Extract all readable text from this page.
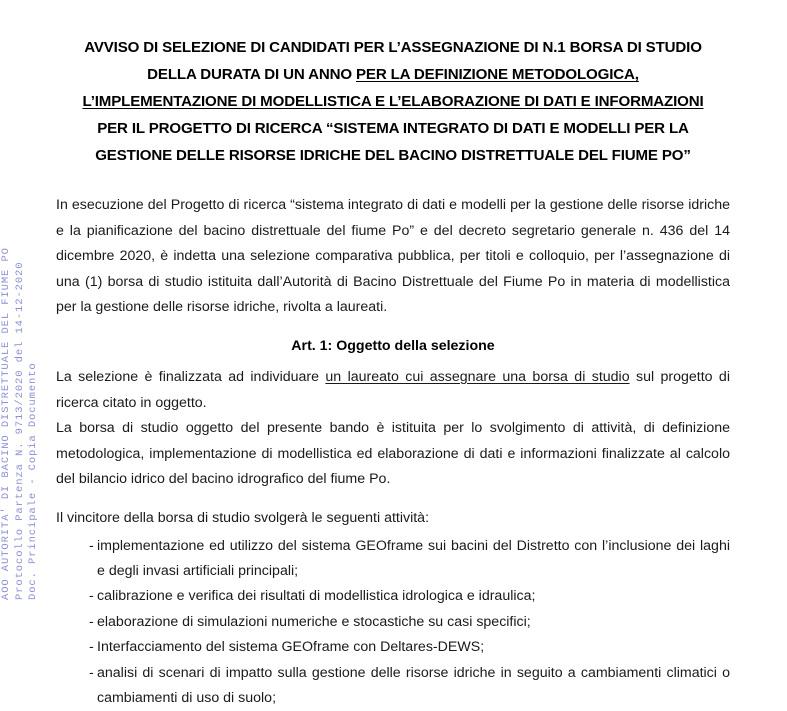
AOO AUTORITA' DI BACINO DISTRETTUALE DEL FIUME PO Protocollo Partenza N. 9713/2020 del 14-12-2020 Doc. Principale - Copia Documento
AVVISO DI SELEZIONE DI CANDIDATI PER L’ASSEGNAZIONE DI N.1 BORSA DI STUDIO
DELLA DURATA DI UN ANNO PER LA DEFINIZIONE METODOLOGICA,
L’IMPLEMENTAZIONE DI MODELLISTICA E L’ELABORAZIONE DI DATI E INFORMAZIONI
PER IL PROGETTO DI RICERCA “SISTEMA INTEGRATO DI DATI E MODELLI PER LA
GESTIONE DELLE RISORSE IDRICHE DEL BACINO DISTRETTUALE DEL FIUME PO”

In esecuzione del Progetto di ricerca “sistema integrato di dati e modelli per la gestione delle risorse idriche e la pianificazione del bacino distrettuale del fiume Po” e del decreto segretario generale n. 436 del 14 dicembre 2020, è indetta una selezione comparativa pubblica, per titoli e colloquio, per l’assegnazione di una (1) borsa di studio istituita dall’Autorità di Bacino Distrettuale del Fiume Po in materia di modellistica per la gestione delle risorse idriche, rivolta a laureati.

Art. 1: Oggetto della selezione

La selezione è finalizzata ad individuare un laureato cui assegnare una borsa di studio sul progetto di ricerca citato in oggetto.

La borsa di studio oggetto del presente bando è istituita per lo svolgimento di attività, di definizione metodologica, implementazione di modellistica ed elaborazione di dati e informazioni finalizzate al calcolo del bilancio idrico del bacino idrografico del fiume Po.

Il vincitore della borsa di studio svolgerà le seguenti attività:

- implementazione ed utilizzo del sistema GEOframe sui bacini del Distretto con l’inclusione dei laghi e degli invasi artificiali principali;
- calibrazione e verifica dei risultati di modellistica idrologica e idraulica;
- elaborazione di simulazioni numeriche e stocastiche su casi specifici;
- Interfacciamento del sistema GEOframe con Deltares-DEWS;
- analisi di scenari di impatto sulla gestione delle risorse idriche in seguito a cambiamenti climatici o cambiamenti di uso di suolo;
